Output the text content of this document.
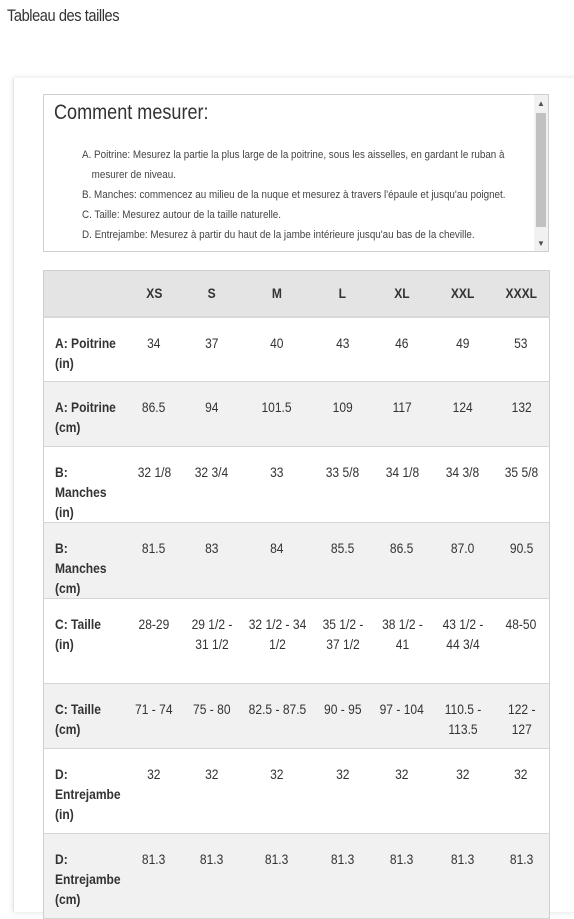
Tableau des tailles
Comment mesurer:
A. Poitrine: Mesurez la partie la plus large de la poitrine, sous les aisselles, en gardant le ruban à
mesurer de niveau.
B. Manches: commencez au milieu de la nuque et mesurez à travers l'épaule et jusqu'au poignet.
C. Taille: Mesurez autour de la taille naturelle.
D. Entrejambe: Mesurez à partir du haut de la jambe intérieure jusqu'au bas de la cheville.
▲
▼
	XS	S	M	L	XL	XXL	XXXL
A: Poitrine (in)	34	37	40	43	46	49	53
A: Poitrine (cm)	86.5	94	101.5	109	117	124	132
B: Manches (in)	32 1/8	32 3/4	33	33 5/8	34 1/8	34 3/8	35 5/8
B: Manches (cm)	81.5	83	84	85.5	86.5	87.0	90.5
C: Taille (in)	28-29	29 1/2 - 31 1/2	32 1/2 - 34 1/2	35 1/2 - 37 1/2	38 1/2 - 41	43 1/2 - 44 3/4	48-50
C: Taille (cm)	71 - 74	75 - 80	82.5 - 87.5	90 - 95	97 - 104	110.5 - 113.5	122 - 127
D: Entrejambe (in)	32	32	32	32	32	32	32
D: Entrejambe (cm)	81.3	81.3	81.3	81.3	81.3	81.3	81.3
